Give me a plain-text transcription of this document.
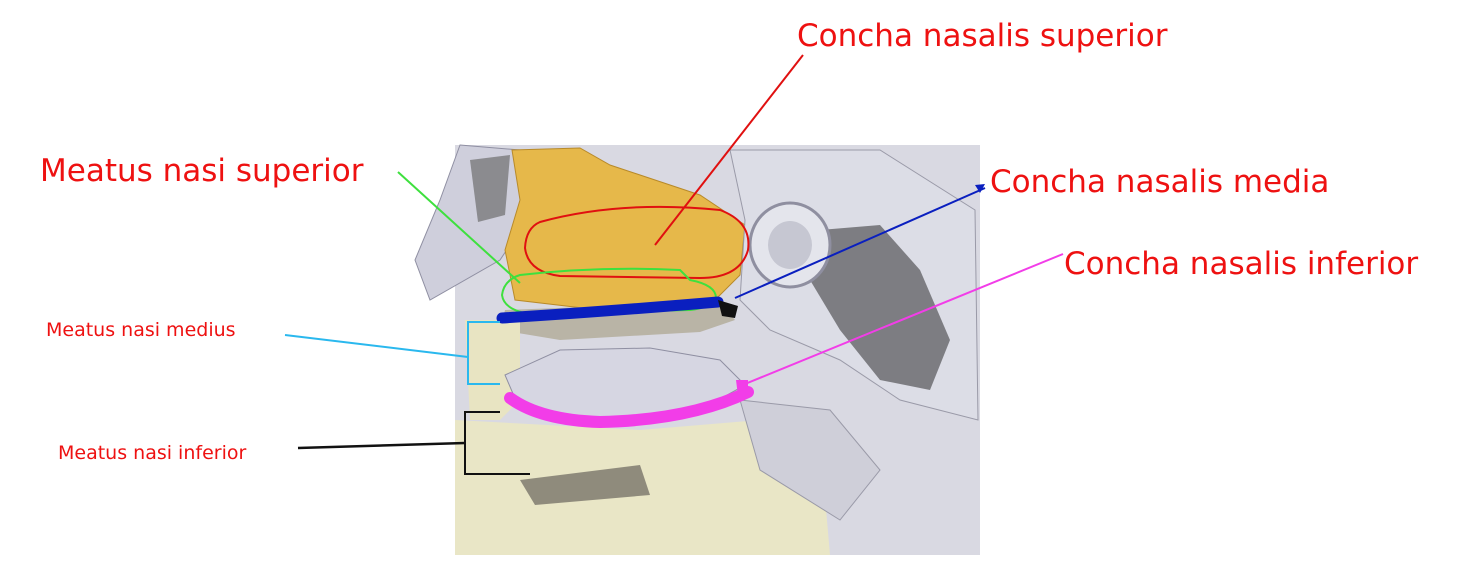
Concha nasalis superior
Meatus nasi superior	Concha nasalis media
Concha nasalis inferior
Meatus nasi medius
Meatus nasi inferior
